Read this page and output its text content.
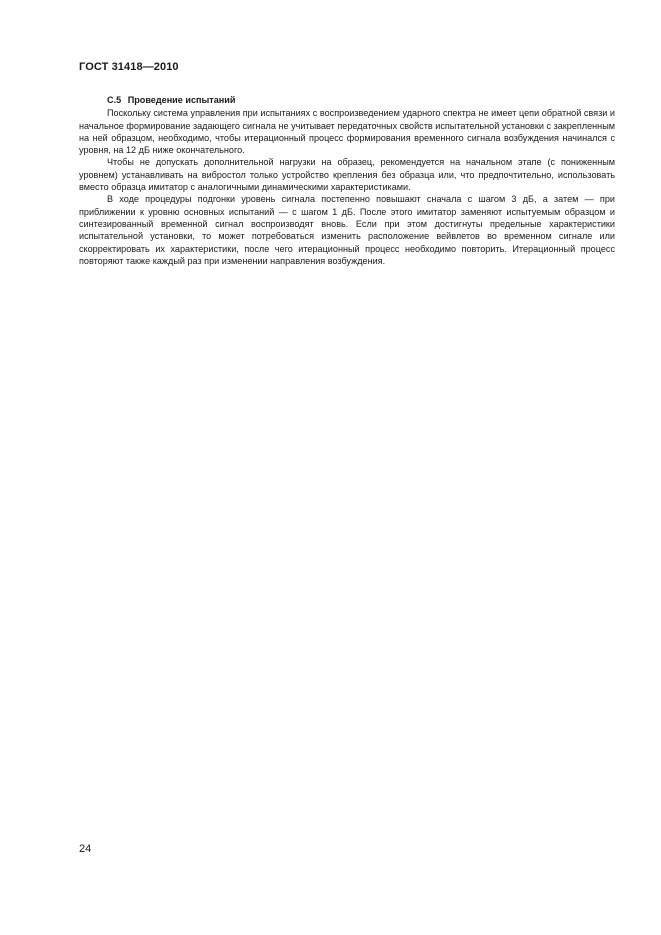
ГОСТ 31418—2010

С.5 Проведение испытаний

Поскольку система управления при испытаниях с воспроизведением ударного спектра не имеет цепи обратной связи и начальное формирование задающего сигнала не учитывает передаточных свойств испытательной установки с закрепленным на ней образцом, необходимо, чтобы итерационный процесс формирования временного сигнала возбуждения начинался с уровня, на 12 дБ ниже окончательного.

Чтобы не допускать дополнительной нагрузки на образец, рекомендуется на начальном этапе (с пониженным уровнем) устанавливать на вибростол только устройство крепления без образца или, что предпочтительно, использовать вместо образца имитатор с аналогичными динамическими характеристиками.

В ходе процедуры подгонки уровень сигнала постепенно повышают сначала с шагом 3 дБ, а затем — при приближении к уровню основных испытаний — с шагом 1 дБ. После этого имитатор заменяют испытуемым образцом и синтезированный временной сигнал воспроизводят вновь. Если при этом достигнуты предельные характеристики испытательной установки, то может потребоваться изменить расположение вейвлетов во временном сигнале или скорректировать их характеристики, после чего итерационный процесс необходимо повторить. Итерационный процесс повторяют также каждый раз при изменении направления возбуждения.

24
